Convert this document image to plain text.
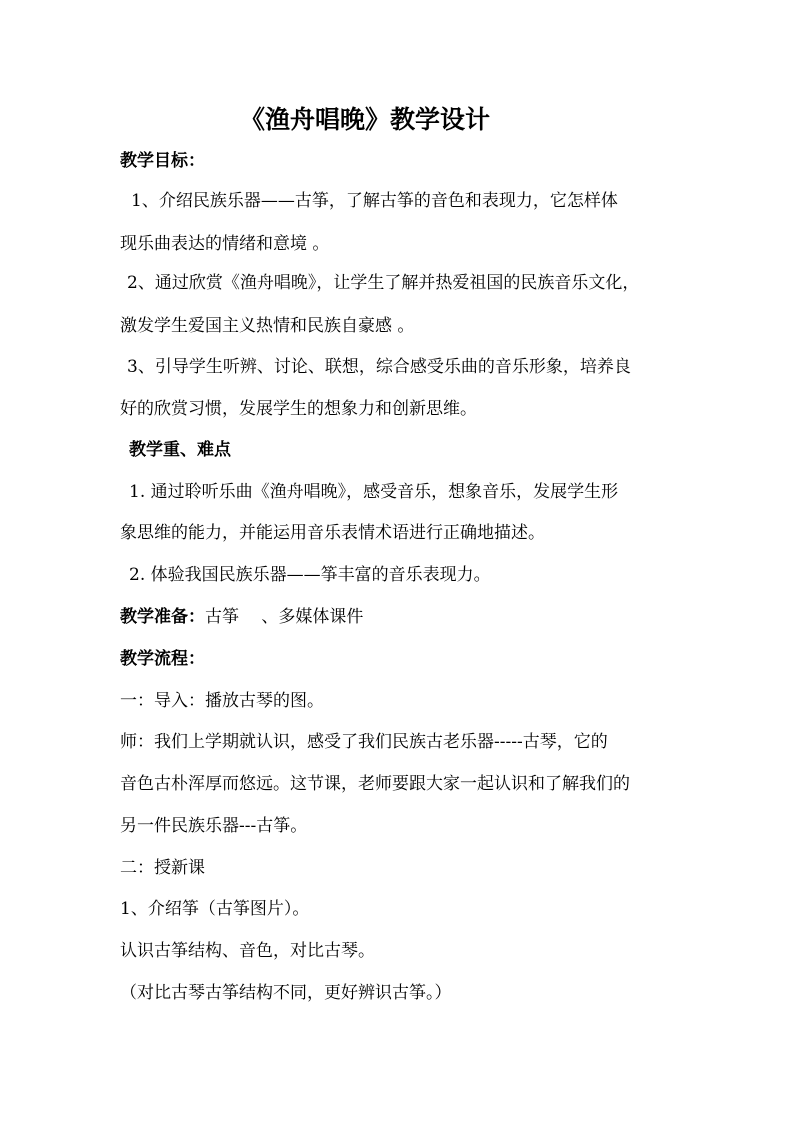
《渔舟唱晚》教学设计
教学目标：
1、介绍民族乐器——古筝，了解古筝的音色和表现力，它怎样体
现乐曲表达的情绪和意境 。
2、通过欣赏《渔舟唱晚》，让学生了解并热爱祖国的民族音乐文化，
激发学生爱国主义热情和民族自豪感 。
3、引导学生听辨、讨论、联想，综合感受乐曲的音乐形象，培养良
好的欣赏习惯，发展学生的想象力和创新思维。
教学重、难点
1. 通过聆听乐曲《渔舟唱晚》，感受音乐，想象音乐，发展学生形
象思维的能力，并能运用音乐表情术语进行正确地描述。
2. 体验我国民族乐器——筝丰富的音乐表现力。
教学准备：古筝　 、多媒体课件
教学流程：
一：导入：播放古琴的图。
师：我们上学期就认识，感受了我们民族古老乐器-----古琴，它的
音色古朴浑厚而悠远。这节课，老师要跟大家一起认识和了解我们的
另一件民族乐器---古筝。
二：授新课
1、介绍筝（古筝图片）。
认识古筝结构、音色，对比古琴。
（对比古琴古筝结构不同，更好辨识古筝。）
